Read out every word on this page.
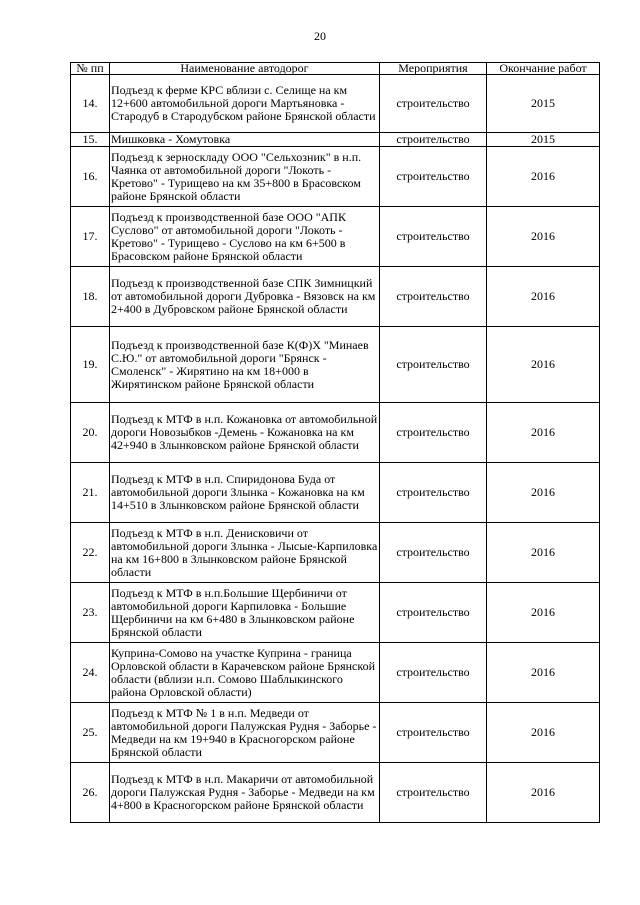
20
№ пп	Наименование автодорог	Мероприятия	Окончание работ
14.	Подъезд к ферме КРС вблизи с. Селище на км 12+600 автомобильной дороги Мартьяновка - Стародуб в Стародубском районе Брянской области	строительство	2015
15.	Мишковка - Хомутовка	строительство	2015
16.	Подъезд к зерноскладу ООО "Сельхозник" в н.п. Чаянка от автомобильной дороги "Локоть - Кретово" - Турищево на км 35+800 в Брасовском районе Брянской области	строительство	2016
17.	Подъезд к производственной базе ООО "АПК Суслово" от автомобильной дороги "Локоть - Кретово" - Турищево - Суслово на км 6+500 в Брасовском районе Брянской области	строительство	2016
18.	Подъезд к производственной базе СПК Зимницкий от автомобильной дороги Дубровка - Вязовск на км 2+400 в Дубровском районе Брянской области	строительство	2016
19.	Подъезд к производственной базе К(Ф)Х "Минаев С.Ю." от автомобильной дороги "Брянск - Смоленск" - Жирятино на км 18+000 в Жирятинском районе Брянской области	строительство	2016
20.	Подъезд к МТФ в н.п. Кожановка от автомобильной дороги Новозыбков -Демень - Кожановка на км 42+940 в Злынковском районе Брянской области	строительство	2016
21.	Подъезд к МТФ в н.п. Спиридонова Буда от автомобильной дороги Злынка - Кожановка на км 14+510 в Злынковском районе Брянской области	строительство	2016
22.	Подъезд к МТФ в н.п. Денисковичи от автомобильной дороги Злынка - Лысые-Карпиловка на км 16+800 в Злынковском районе Брянской области	строительство	2016
23.	Подъезд к МТФ в н.п.Большие Щербиничи от автомобильной дороги Карпиловка - Большие Щербиничи на км 6+480 в Злынковском районе Брянской области	строительство	2016
24.	Куприна-Сомово на участке Куприна - граница Орловской области в Карачевском районе Брянской области (вблизи н.п. Сомово Шаблыкинского района Орловской области)	строительство	2016
25.	Подъезд к МТФ № 1 в н.п. Медведи от автомобильной дороги Палужская Рудня - Заборье - Медведи на км 19+940 в Красногорском районе Брянской области	строительство	2016
26.	Подъезд к МТФ в н.п. Макаричи от автомобильной дороги Палужская Рудня - Заборье - Медведи на км 4+800 в Красногорском районе Брянской области	строительство	2016
